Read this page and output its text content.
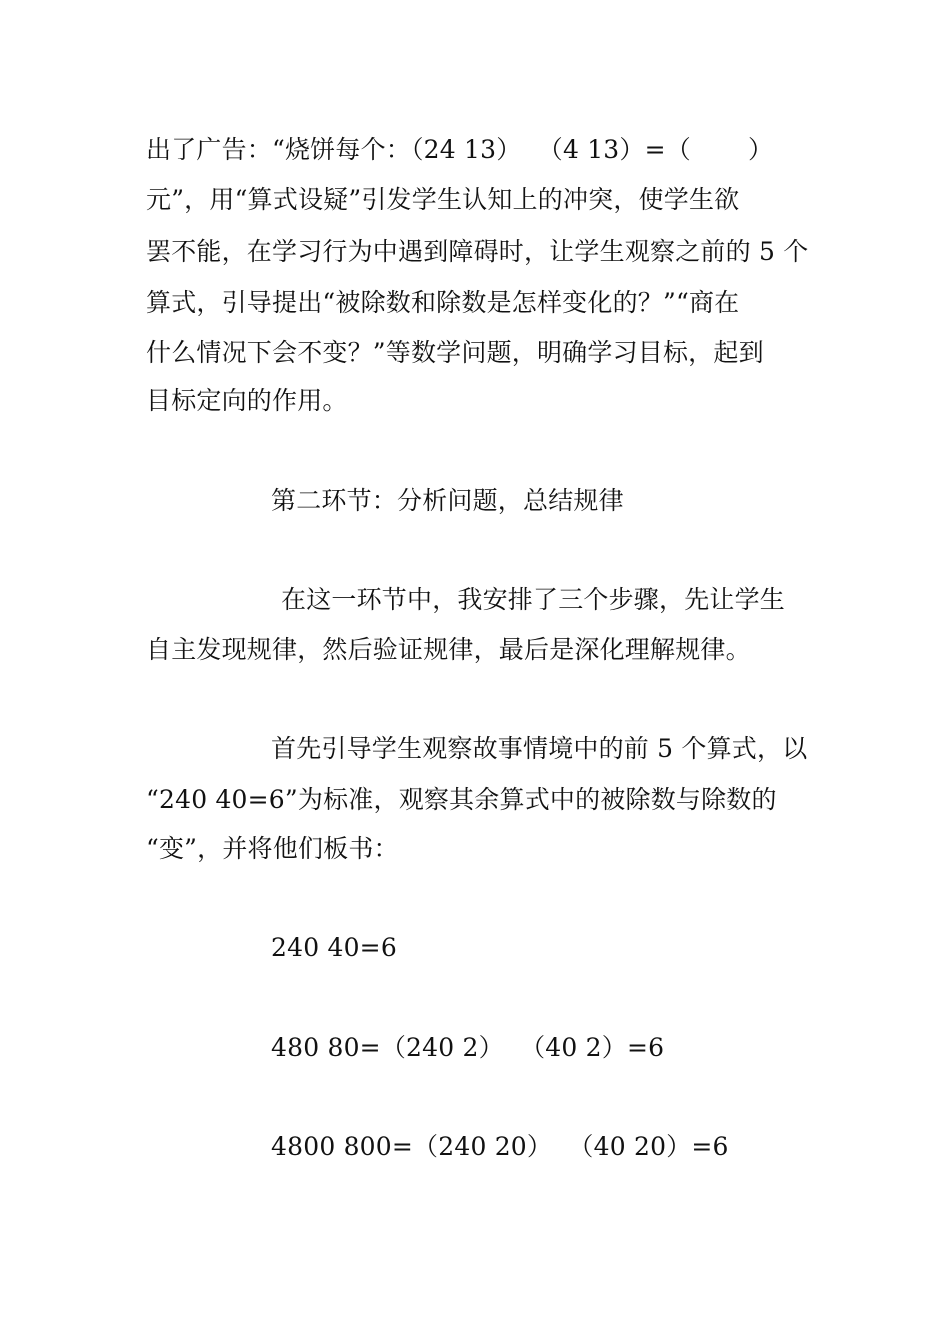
出了广告：“烧饼每个：（24 13）  （4 13）=（       ）
元”，用“算式设疑”引发学生认知上的冲突，使学生欲
罢不能，在学习行为中遇到障碍时，让学生观察之前的 5 个
算式，引导提出“被除数和除数是怎样变化的？”“商在
什么情况下会不变？”等数学问题，明确学习目标，起到
目标定向的作用。
第二环节：分析问题，总结规律
在这一环节中，我安排了三个步骤，先让学生
自主发现规律，然后验证规律，最后是深化理解规律。
首先引导学生观察故事情境中的前 5 个算式，以
“240 40=6”为标准，观察其余算式中的被除数与除数的
“变”，并将他们板书：
240 40=6
480 80=（240 2）  （40 2）=6
4800 800=（240 20）  （40 20）=6
